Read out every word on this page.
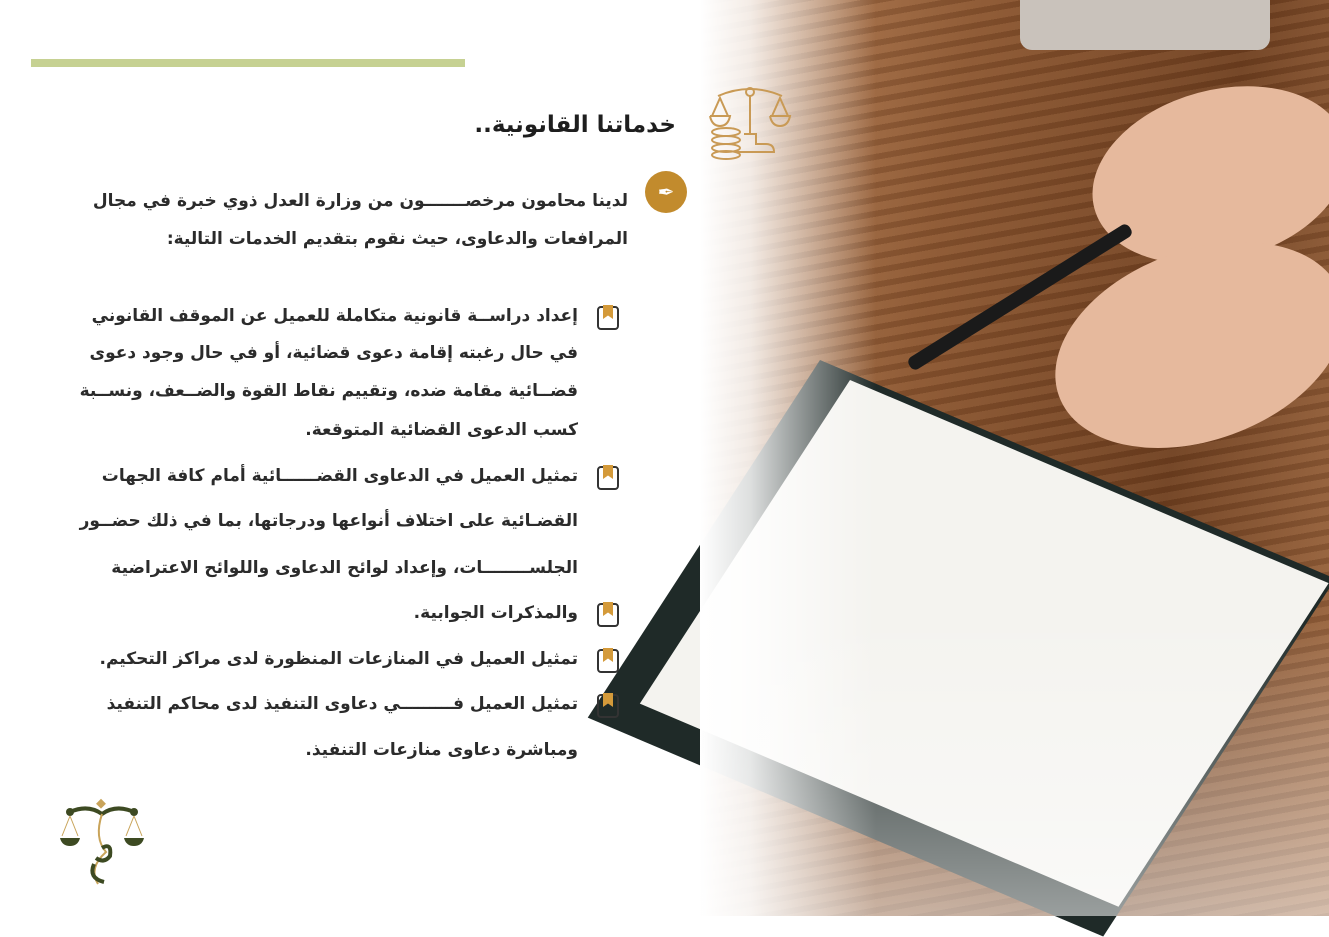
خدماتنا القانونية..
✒
لدينا محامون مرخصـــــــون من وزارة العدل ذوي خبرة في مجال
المرافعات والدعاوى، حيث نقوم بتقديم الخدمات التالية:
إعداد دراســة قانونية متكاملة للعميل عن الموقف القانوني
في حال رغبته إقامة دعوى قضائية، أو في حال وجود دعوى
قضــائية مقامة ضده، وتقييم نقاط القوة والضــعف، ونســبة
كسب الدعوى القضائية المتوقعة.
تمثيل العميل في الدعاوى القضــــــائية أمام كافة الجهات
القضـائية على اختلاف أنواعها ودرجاتها، بما في ذلك حضــور
الجلســــــــات، وإعداد لوائح الدعاوى واللوائح الاعتراضية
والمذكرات الجوابية.
تمثيل العميل في المنازعات المنظورة لدى مراكز التحكيم.
تمثيل العميل فـــــــــي دعاوى التنفيذ لدى محاكم التنفيذ
ومباشرة دعاوى منازعات التنفيذ.
